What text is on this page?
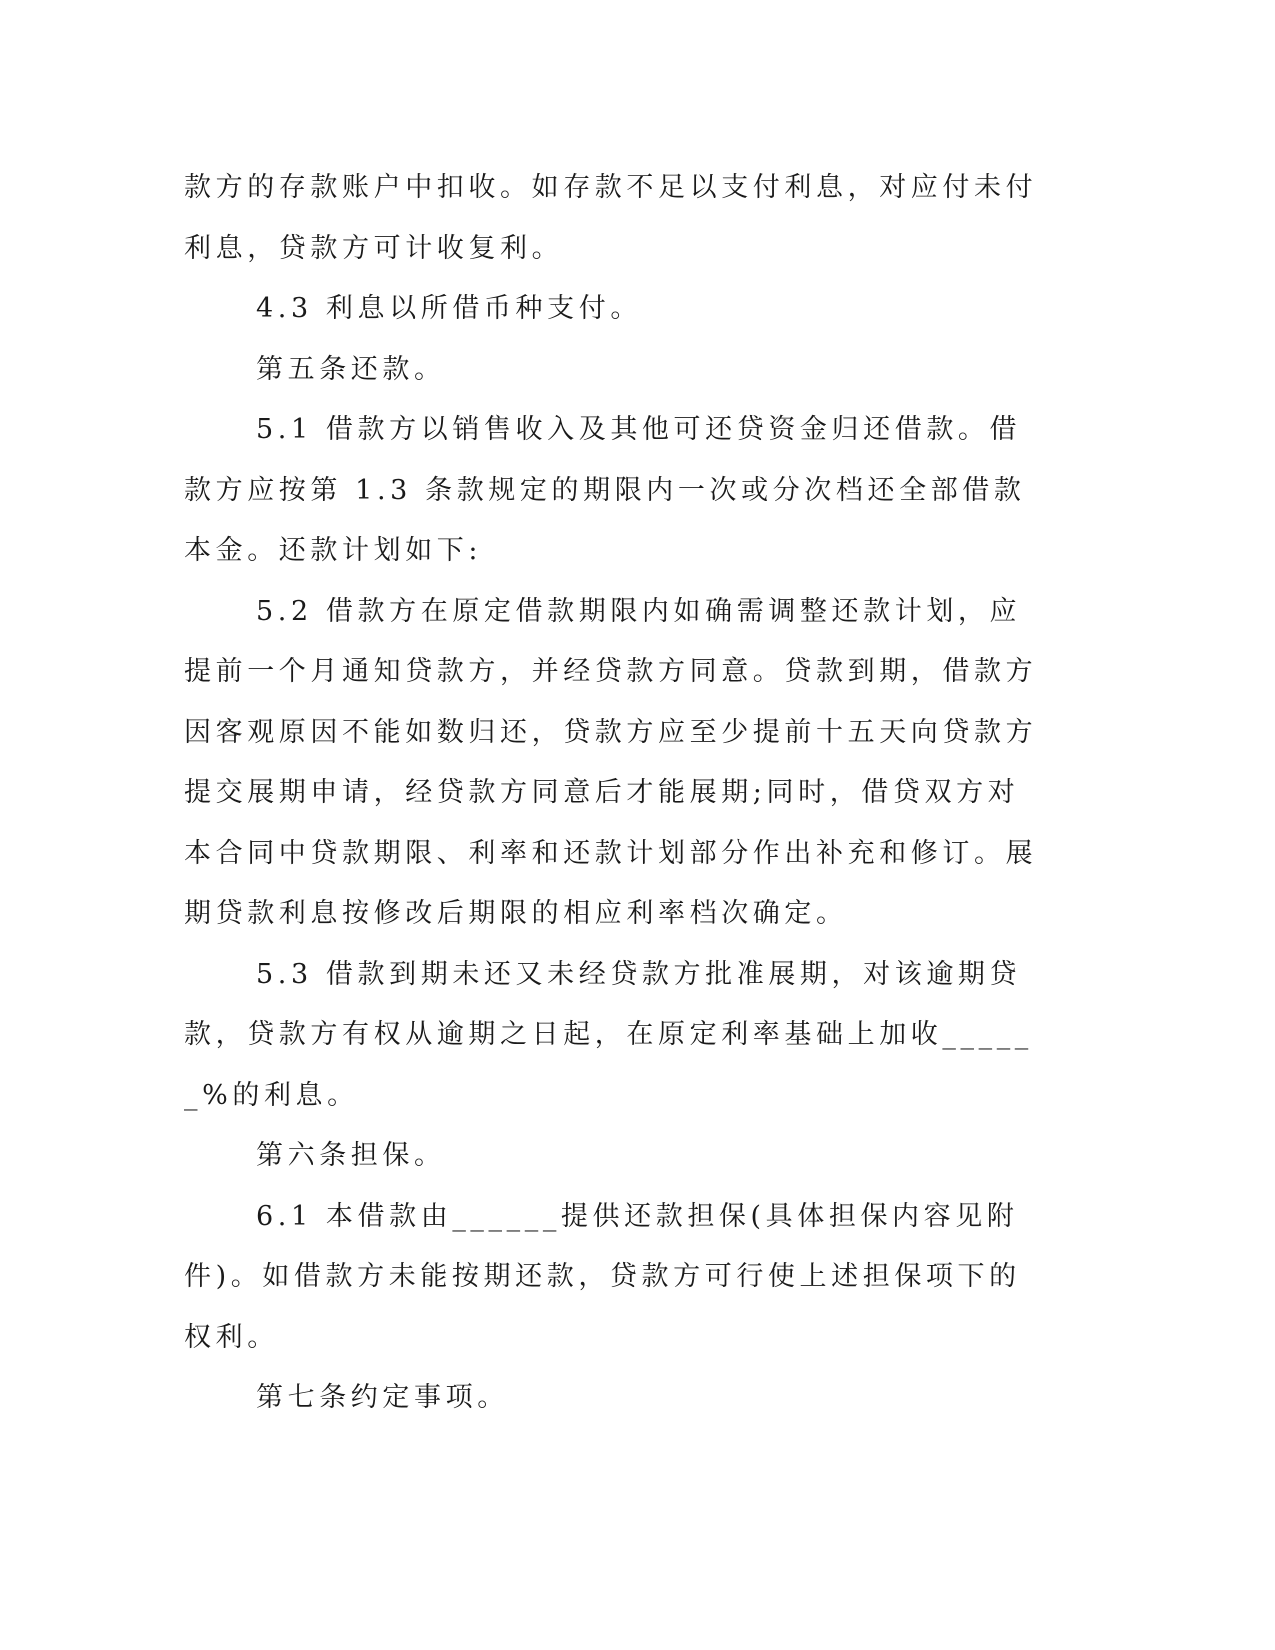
款方的存款账户中扣收。如存款不足以支付利息，对应付未付利息，贷款方可计收复利。

4.3 利息以所借币种支付。

第五条还款。

5.1 借款方以销售收入及其他可还贷资金归还借款。借款方应按第 1.3 条款规定的期限内一次或分次档还全部借款本金。还款计划如下:

5.2 借款方在原定借款期限内如确需调整还款计划，应提前一个月通知贷款方，并经贷款方同意。贷款到期，借款方因客观原因不能如数归还，贷款方应至少提前十五天向贷款方提交展期申请，经贷款方同意后才能展期;同时，借贷双方对本合同中贷款期限、利率和还款计划部分作出补充和修订。展期贷款利息按修改后期限的相应利率档次确定。

5.3 借款到期未还又未经贷款方批准展期，对该逾期贷款，贷款方有权从逾期之日起，在原定利率基础上加收______%的利息。

第六条担保。

6.1 本借款由______提供还款担保(具体担保内容见附件)。如借款方未能按期还款，贷款方可行使上述担保项下的权利。

第七条约定事项。
